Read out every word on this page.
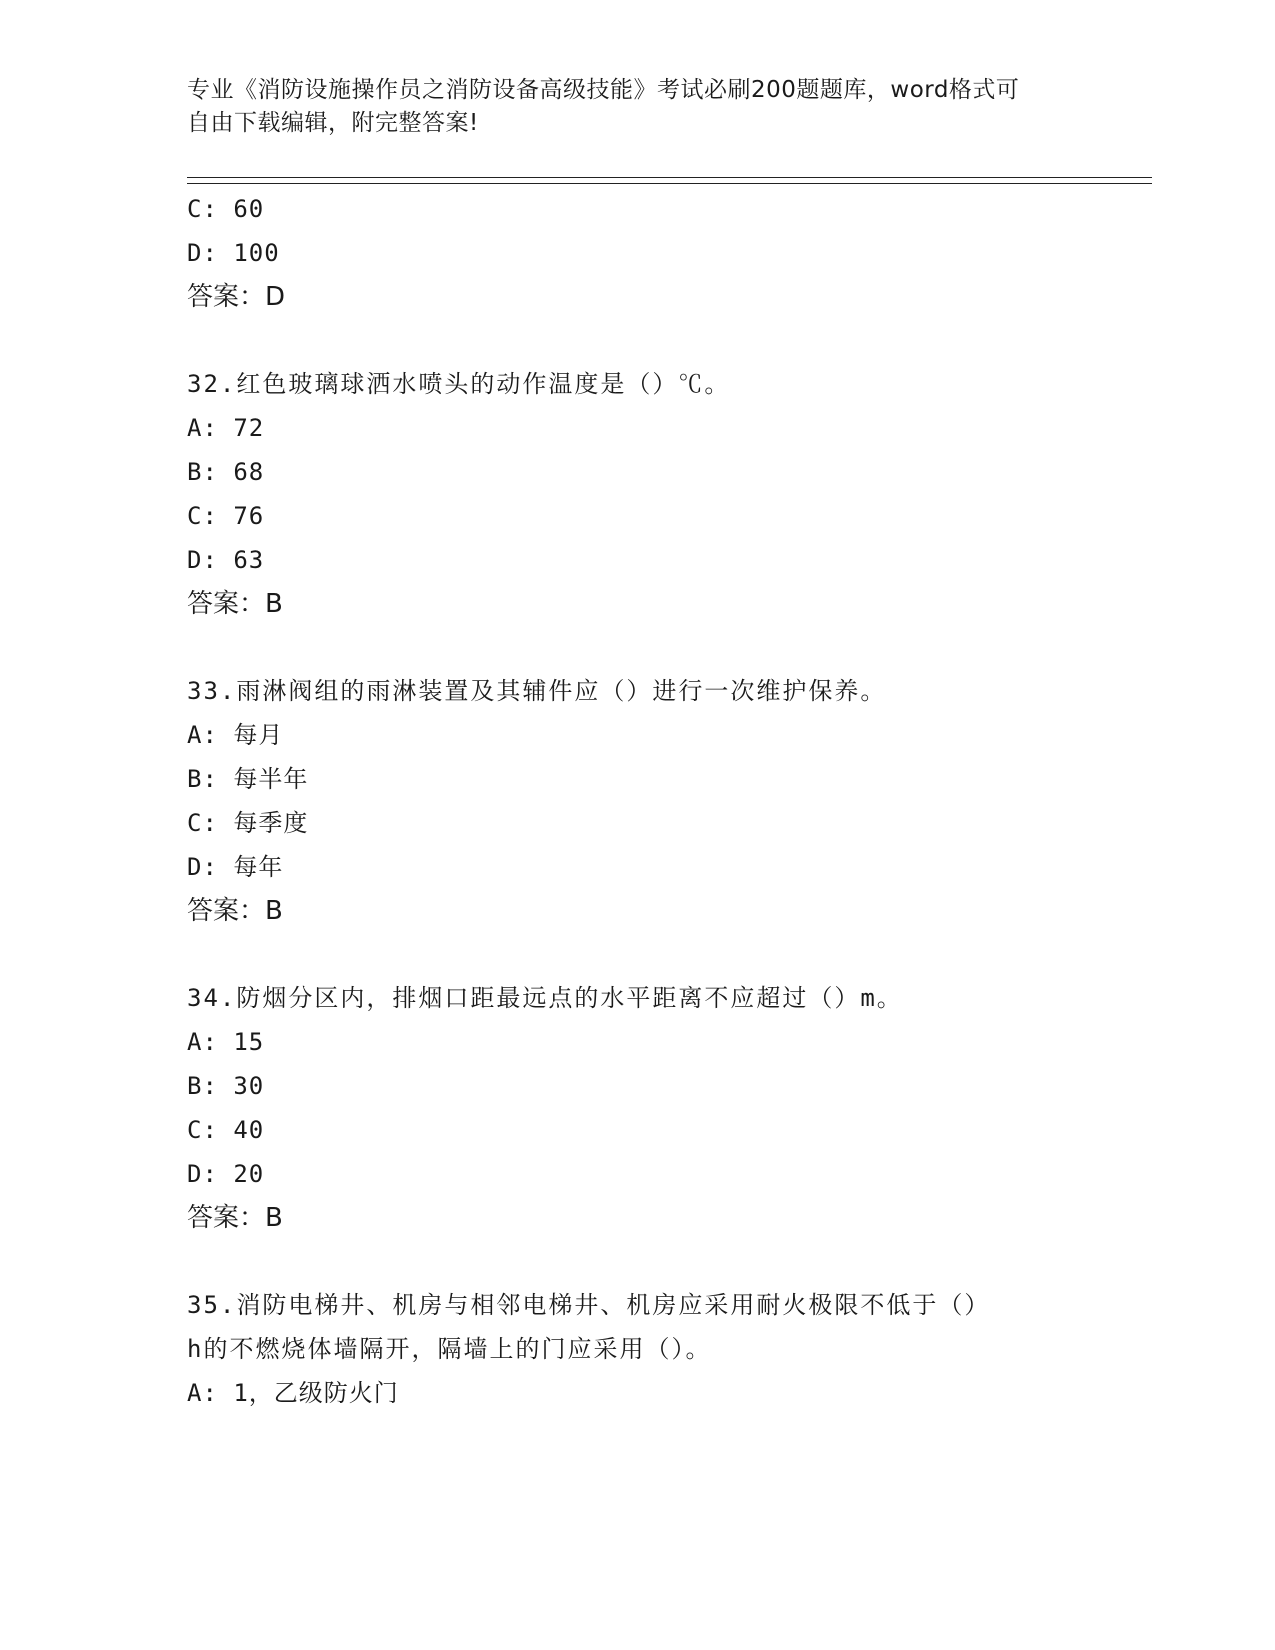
专业《消防设施操作员之消防设备高级技能》考试必刷200题题库，word格式可
自由下载编辑，附完整答案!
C: 60
D: 100
答案：D
32.红色玻璃球洒水喷头的动作温度是（）℃。
A: 72
B: 68
C: 76
D: 63
答案：B
33.雨淋阀组的雨淋装置及其辅件应（）进行一次维护保养。
A: 每月
B: 每半年
C: 每季度
D: 每年
答案：B
34.防烟分区内，排烟口距最远点的水平距离不应超过（）m。
A: 15
B: 30
C: 40
D: 20
答案：B
35.消防电梯井、机房与相邻电梯井、机房应采用耐火极限不低于（）
h的不燃烧体墙隔开，隔墙上的门应采用（）。
A: 1，乙级防火门
